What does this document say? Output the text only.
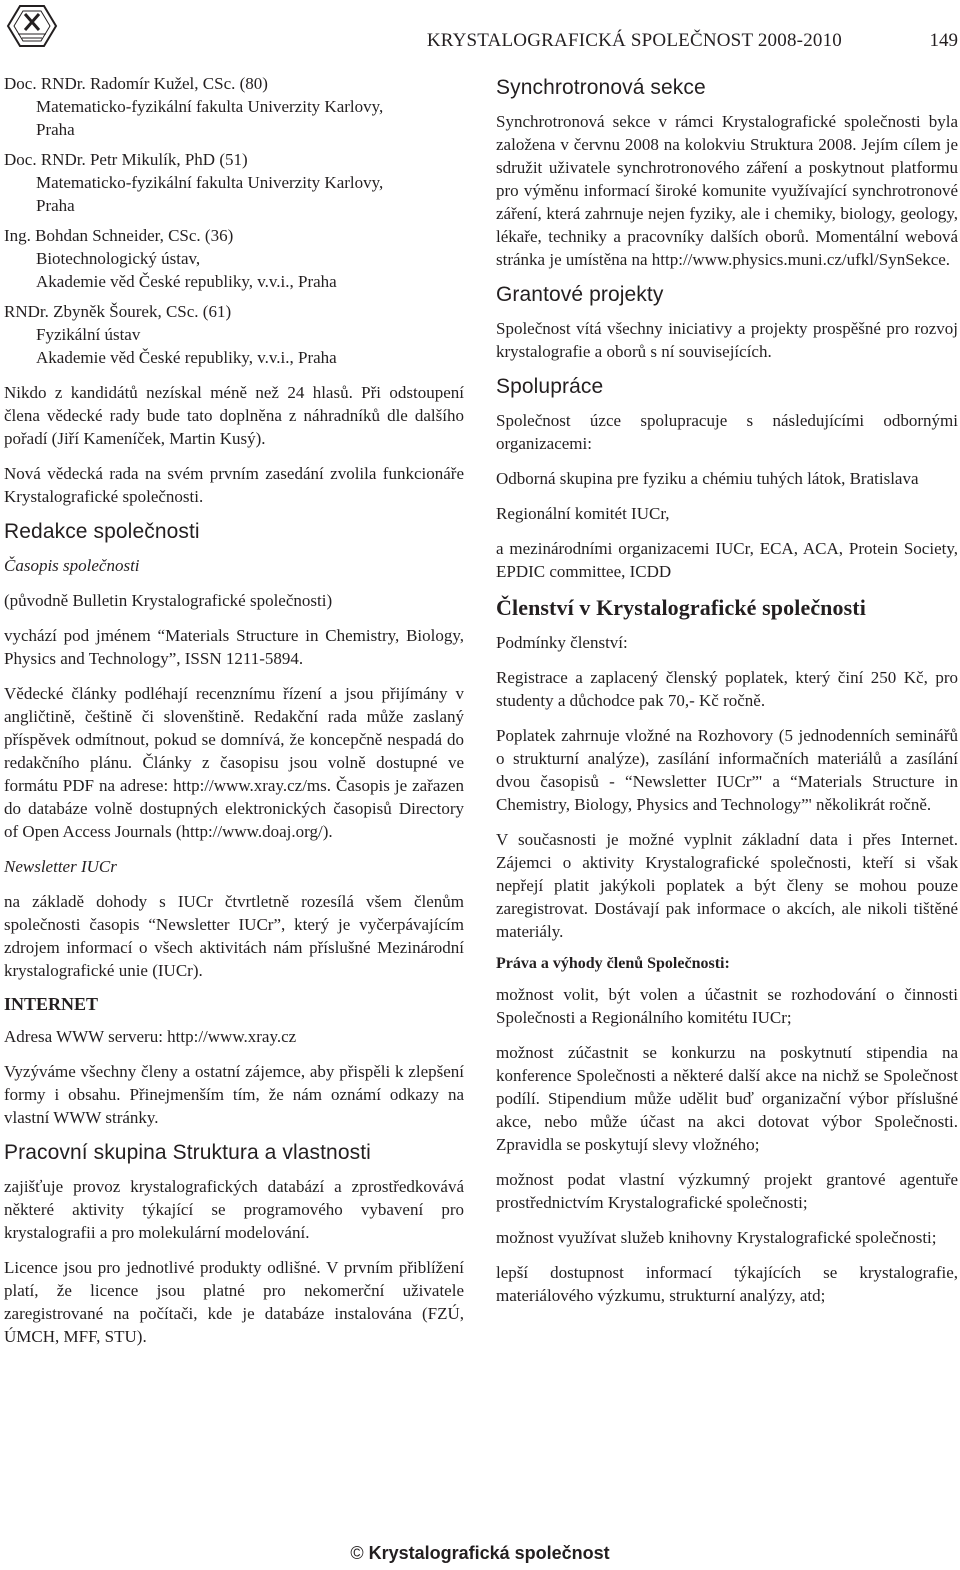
KRYSTALOGRAFICKÁ SPOLEČNOST 2008-2010	149
Doc. RNDr. Radomír Kužel, CSc. (80)
Matematicko-fyzikální fakulta Univerzity Karlovy,
Praha
Doc. RNDr. Petr Mikulík, PhD (51)
Matematicko-fyzikální fakulta Univerzity Karlovy,
Praha
Ing. Bohdan Schneider, CSc. (36)
Biotechnologický ústav,
Akademie věd České republiky, v.v.i., Praha
RNDr. Zbyněk Šourek, CSc. (61)
Fyzikální ústav
Akademie věd České republiky, v.v.i., Praha

Nikdo z kandidátů nezískal méně než 24 hlasů. Při odstoupení člena vědecké rady bude tato doplněna z náhradníků dle dalšího pořadí (Jiří Kameníček, Martin Kusý).

Nová vědecká rada na svém prvním zasedání zvolila funkcionáře Krystalografické společnosti.

Redakce společnosti

Časopis společnosti

(původně Bulletin Krystalografické společnosti)

vychází pod jménem “Materials Structure in Chemistry, Biology, Physics and Technology”, ISSN 1211-5894.

Vědecké články podléhají recenznímu řízení a jsou přijímány v angličtině, češtině či slovenštině. Redakční rada může zaslaný příspěvek odmítnout, pokud se domnívá, že koncepčně nespadá do redakčního plánu. Články z časopisu jsou volně dostupné ve formátu PDF na adrese: http://www.xray.cz/ms. Časopis je zařazen do databáze volně dostupných elektronických časopisů Directory of Open Access Journals (http://www.doaj.org/).

Newsletter IUCr

na základě dohody s IUCr čtvrtletně rozesílá všem členům společnosti časopis “Newsletter IUCr”, který je vyčerpávajícím zdrojem informací o všech aktivitách nám příslušné Mezinárodní krystalografické unie (IUCr).

INTERNET

Adresa WWW serveru: http://www.xray.cz

Vyzýváme všechny členy a ostatní zájemce, aby přispěli k zlepšení formy i obsahu. Přinejmenším tím, že nám oznámí odkazy na vlastní WWW stránky.

Pracovní skupina Struktura a vlastnosti

zajišťuje provoz krystalografických databází a zprostředkovává některé aktivity týkající se programového vybavení pro krystalografii a pro molekulární modelování.

Licence jsou pro jednotlivé produkty odlišné. V prvním přiblížení platí, že licence jsou platné pro nekomerční uživatele zaregistrované na počítači, kde je databáze instalována (FZÚ, ÚMCH, MFF, STU).

Synchrotronová sekce

Synchrotronová sekce v rámci Krystalografické společnosti byla založena v červnu 2008 na kolokviu Struktura 2008. Jejím cílem je sdružit uživatele synchrotronového záření a poskytnout platformu pro výměnu informací široké komunite využívající synchrotronové záření, která zahrnuje nejen fyziky, ale i chemiky, biology, geology, lékaře, techniky a pracovníky dalších oborů. Momentální webová stránka je umístěna na http://www.physics.muni.cz/ufkl/SynSekce.

Grantové projekty

Společnost vítá všechny iniciativy a projekty prospěšné pro rozvoj krystalografie a oborů s ní souvisejících.

Spolupráce

Společnost úzce spolupracuje s následujícími odbornými organizacemi:

Odborná skupina pre fyziku a chémiu tuhých látok, Bratislava

Regionální komitét IUCr,

a mezinárodními organizacemi IUCr, ECA, ACA, Protein Society, EPDIC committee, ICDD

Členství v Krystalografické společnosti

Podmínky členství:

Registrace a zaplacený členský poplatek, který činí 250 Kč, pro studenty a důchodce pak 70,- Kč ročně.

Poplatek zahrnuje vložné na Rozhovory (5 jednodenních seminářů o strukturní analýze), zasílání informačních materiálů a zasílání dvou časopisů - “Newsletter IUCr”' a “Materials Structure in Chemistry, Biology, Physics and Technology”' několikrát ročně.

V současnosti je možné vyplnit základní data i přes Internet. Zájemci o aktivity Krystalografické společnosti, kteří si však nepřejí platit jakýkoli poplatek a být členy se mohou pouze zaregistrovat. Dostávají pak informace o akcích, ale nikoli tištěné materiály.

Práva a výhody členů Společnosti:

možnost volit, být volen a účastnit se rozhodování o činnosti Společnosti a Regionálního komitétu IUCr;

možnost zúčastnit se konkurzu na poskytnutí stipendia na konference Společnosti a některé další akce na nichž se Společnost podílí. Stipendium může udělit buď organizační výbor příslušné akce, nebo může účast na akci dotovat výbor Společnosti. Zpravidla se poskytují slevy vložného;

možnost podat vlastní výzkumný projekt grantové agentuře prostřednictvím Krystalografické společnosti;

možnost využívat služeb knihovny Krystalografické společnosti;

lepší dostupnost informací týkajících se krystalografie, materiálového výzkumu, strukturní analýzy, atd;

© Krystalografická společnost
